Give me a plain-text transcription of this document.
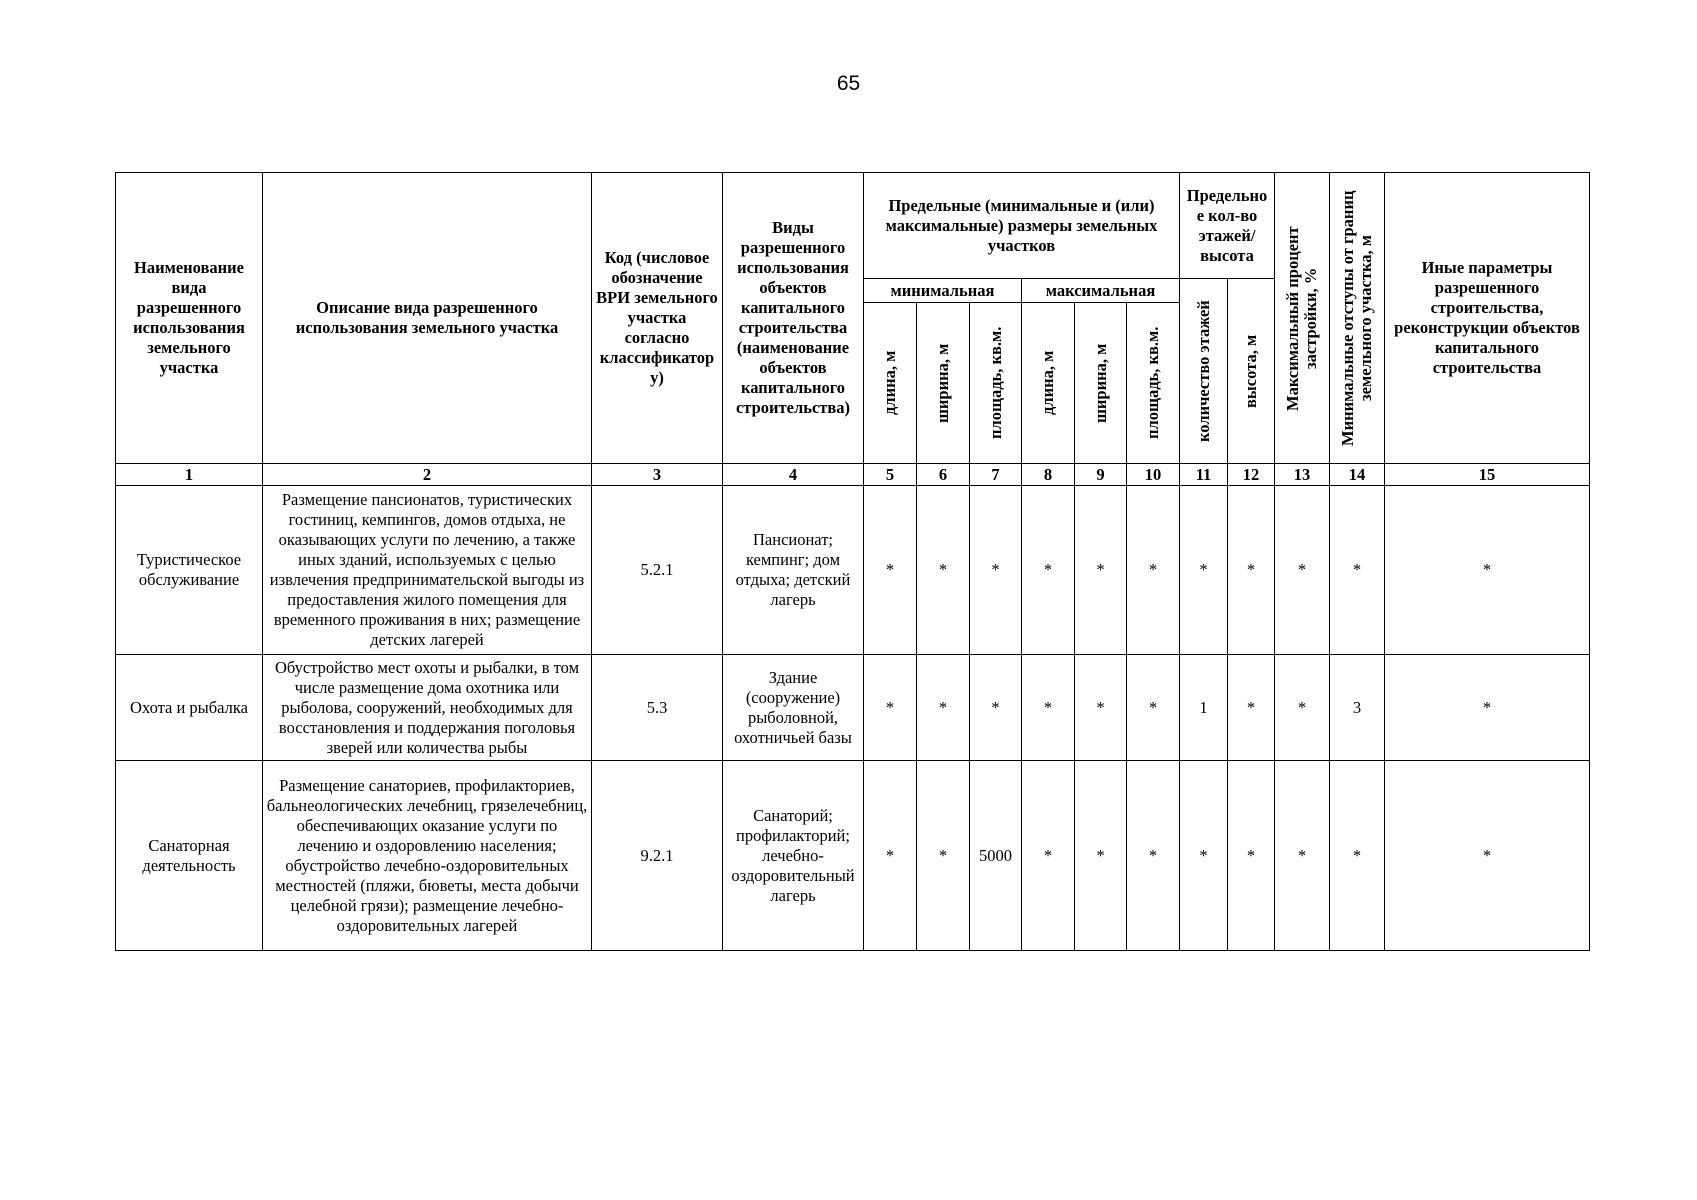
65
Наименование вида разрешенного использования земельного участка	Описание вида разрешенного использования земельного участка	Код (числовое обозначение ВРИ земельного участка согласно классификатор у)	Виды разрешенного использования объектов капитального строительства (наименование объектов капитального строительства)	Предельные (минимальные и (или) максимальные) размеры земельных участков						Предельно е кол-во этажей/ высота		Максимальный процент застройки, %	Минимальные отступы от границ земельного участка, м	Иные параметры разрешенного строительства, реконструкции объектов капитального строительства
				минимальная			максимальная			количество этажей	высота, м			

				длина, м	ширина, м	площадь, кв.м.	длина, м	ширина, м	площадь, кв.м.					

1	2	3	4	5	6	7	8	9	10	11	12	13	14	15
Туристическое обслуживание	Размещение пансионатов, туристических гостиниц, кемпингов, домов отдыха, не оказывающих услуги по лечению, а также иных зданий, используемых с целью извлечения предпринимательской выгоды из предоставления жилого помещения для временного проживания в них; размещение детских лагерей	5.2.1	Пансионат; кемпинг; дом отдыха; детский лагерь	*	*	*	*	*	*	*	*	*	*	*
Охота и рыбалка	Обустройство мест охоты и рыбалки, в том числе размещение дома охотника или рыболова, сооружений, необходимых для восстановления и поддержания поголовья зверей или количества рыбы	5.3	Здание (сооружение) рыболовной, охотничьей базы	*	*	*	*	*	*	1	*	*	3	*
Санаторная деятельность	Размещение санаториев, профилакториев, бальнеологических лечебниц, грязелечебниц, обеспечивающих оказание услуги по лечению и оздоровлению населения; обустройство лечебно-оздоровительных местностей (пляжи, бюветы, места добычи целебной грязи); размещение лечебно-оздоровительных лагерей	9.2.1	Санаторий; профилакторий; лечебно-оздоровительный лагерь	*	*	5000	*	*	*	*	*	*	*	*
